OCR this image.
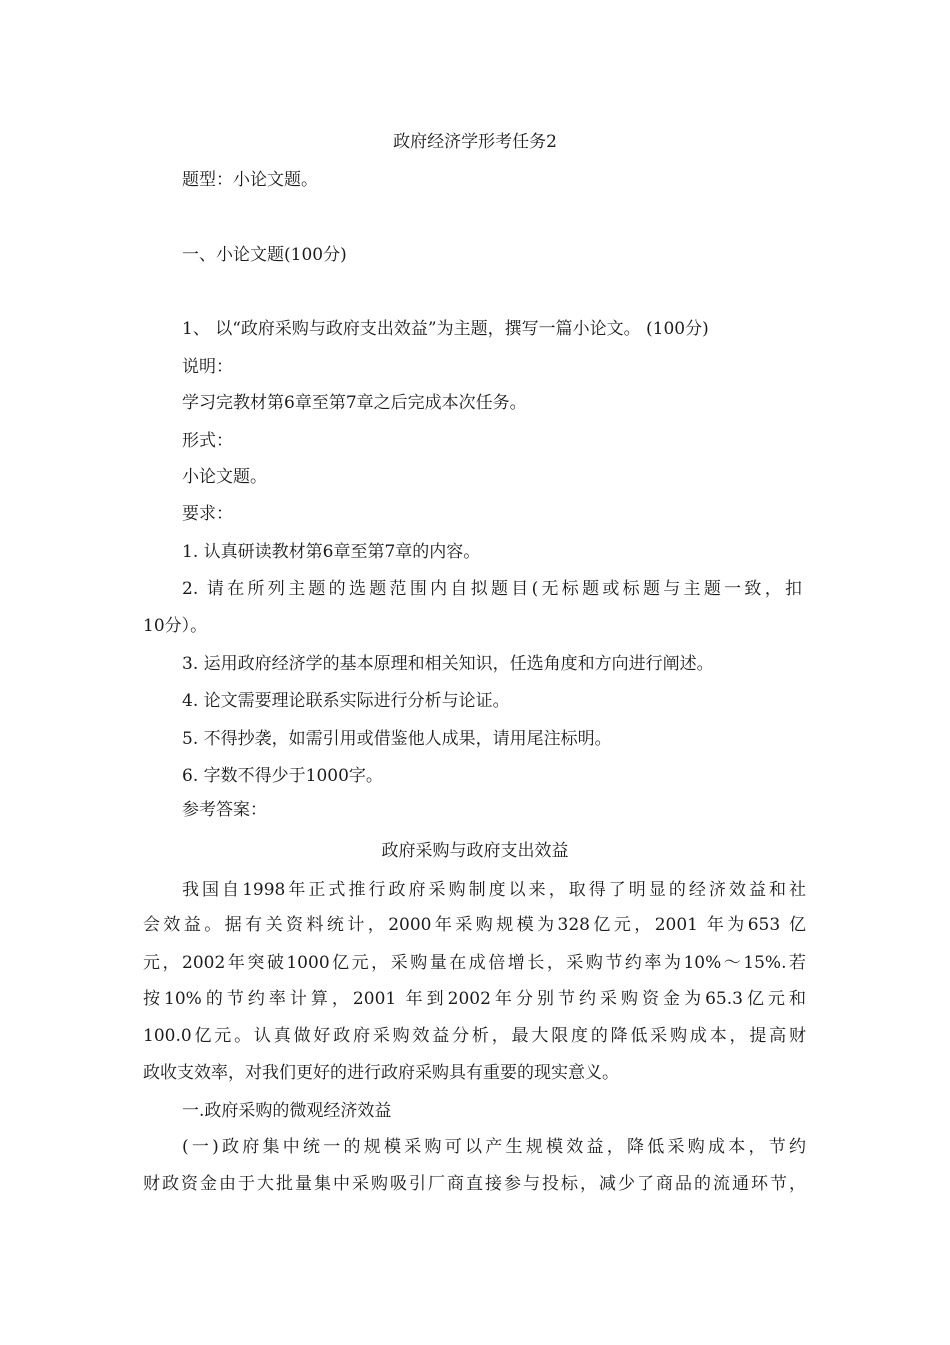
政府经济学形考任务2
题型：小论文题。
一、小论文题(100分)
1、 以“政府采购与政府支出效益”为主题，撰写一篇小论文。 (100分)
说明：
学习完教材第6章至第7章之后完成本次任务。
形式：
小论文题。
要求：
1. 认真研读教材第6章至第7章的内容。
2. 请在所列主题的选题范围内自拟题目(无标题或标题与主题一致，扣
10分）。
3. 运用政府经济学的基本原理和相关知识，任选角度和方向进行阐述。
4. 论文需要理论联系实际进行分析与论证。
5. 不得抄袭，如需引用或借鉴他人成果，请用尾注标明。
6. 字数不得少于1000字。
参考答案：
政府采购与政府支出效益
我国自1998年正式推行政府采购制度以来，取得了明显的经济效益和社
会效益。据有关资料统计，2000年采购规模为328亿元，2001 年为653 亿
元，2002年突破1000亿元，采购量在成倍增长，采购节约率为10%～15%.若
按10%的节约率计算，2001 年到2002年分别节约采购资金为65.3亿元和
100.0亿元。认真做好政府采购效益分析，最大限度的降低采购成本，提高财
政收支效率，对我们更好的进行政府采购具有重要的现实意义。
一.政府采购的微观经济效益
(一)政府集中统一的规模采购可以产生规模效益，降低采购成本，节约
财政资金由于大批量集中采购吸引厂商直接参与投标，减少了商品的流通环节，
